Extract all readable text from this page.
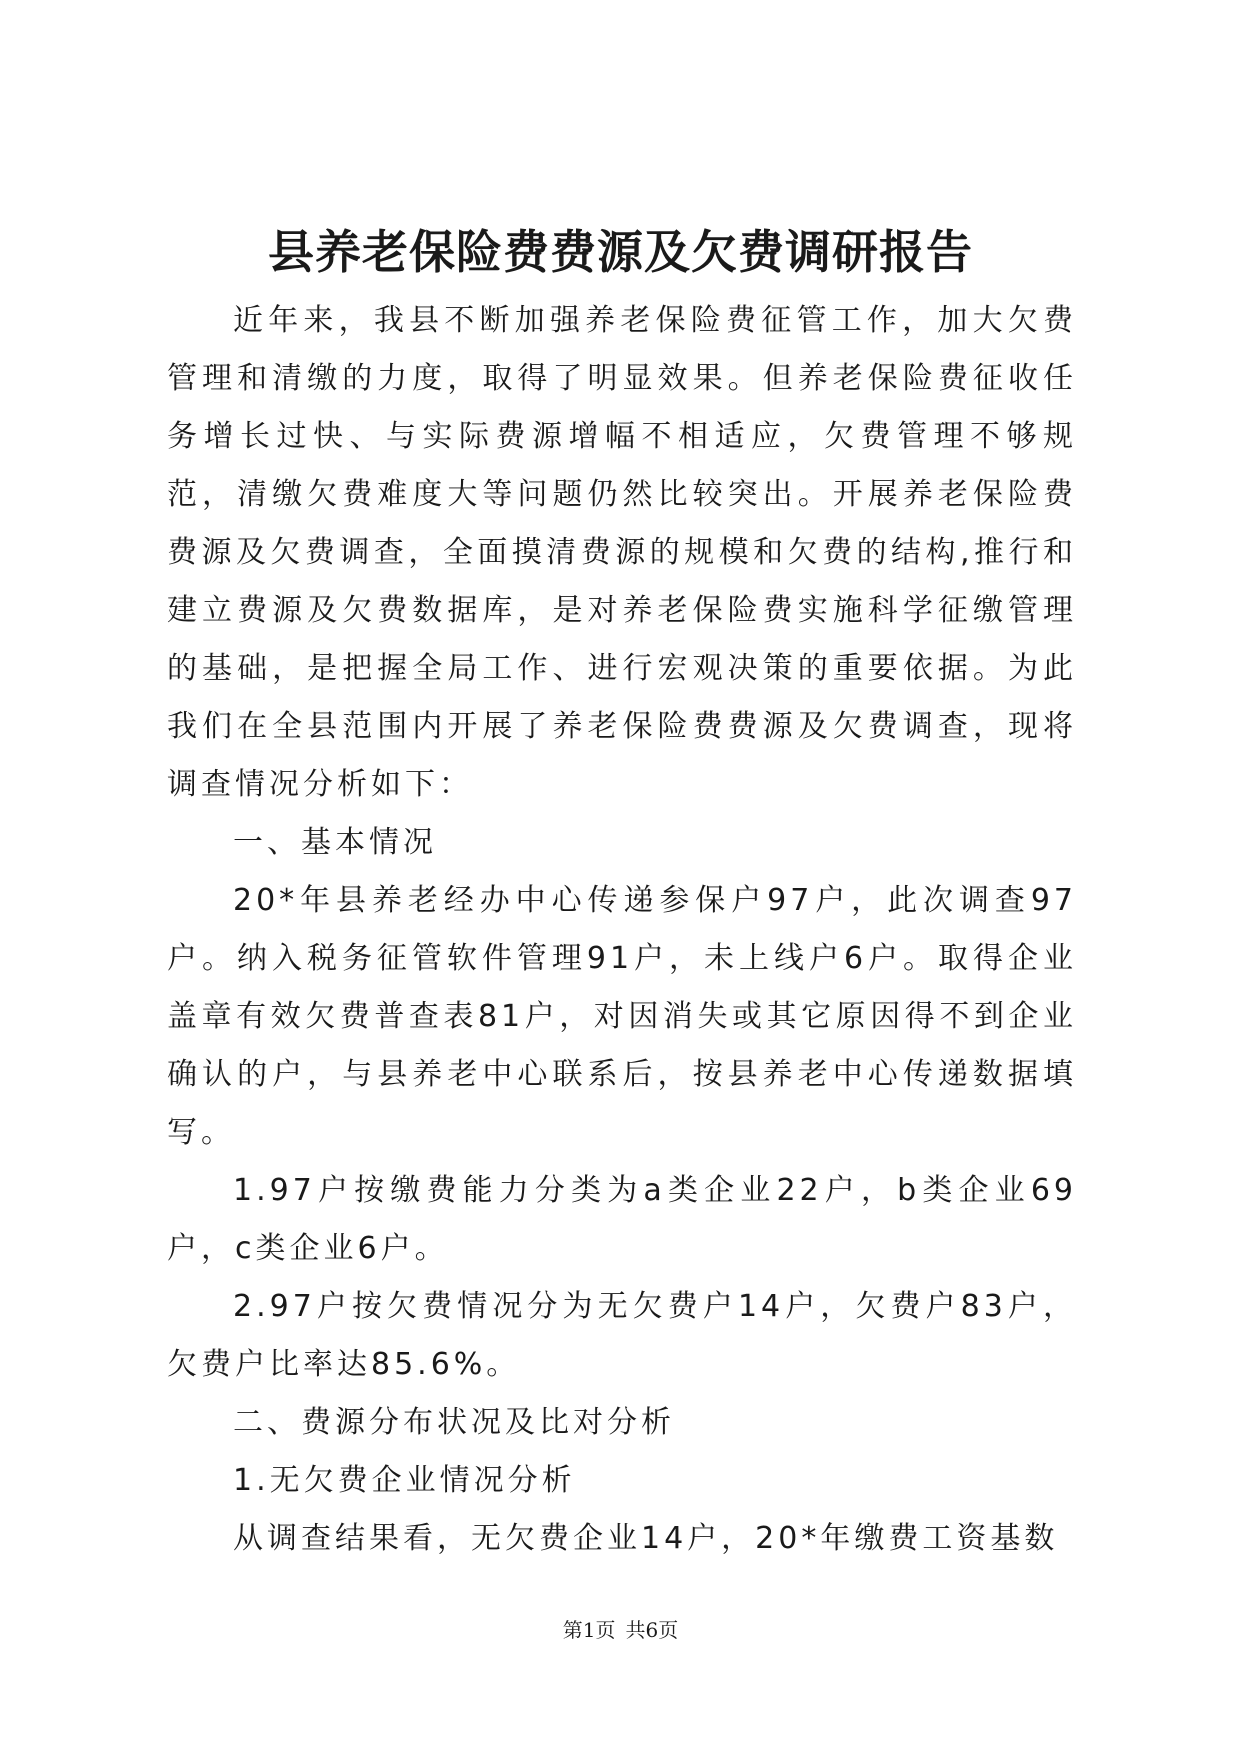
县养老保险费费源及欠费调研报告

近年来，我县不断加强养老保险费征管工作，加大欠费管理和清缴的力度，取得了明显效果。但养老保险费征收任务增长过快、与实际费源增幅不相适应，欠费管理不够规范，清缴欠费难度大等问题仍然比较突出。开展养老保险费费源及欠费调查，全面摸清费源的规模和欠费的结构,推行和建立费源及欠费数据库，是对养老保险费实施科学征缴管理的基础，是把握全局工作、进行宏观决策的重要依据。为此我们在全县范围内开展了养老保险费费源及欠费调查，现将调查情况分析如下：

一、基本情况

20*年县养老经办中心传递参保户97户，此次调查97户。纳入税务征管软件管理91户，未上线户6户。取得企业盖章有效欠费普查表81户，对因消失或其它原因得不到企业确认的户，与县养老中心联系后，按县养老中心传递数据填写。

1.97户按缴费能力分类为a类企业22户，b类企业69户，c类企业6户。

2.97户按欠费情况分为无欠费户14户，欠费户83户，欠费户比率达85.6%。

二、费源分布状况及比对分析

1.无欠费企业情况分析

从调查结果看，无欠费企业14户，20*年缴费工资基数

第1页 共6页
